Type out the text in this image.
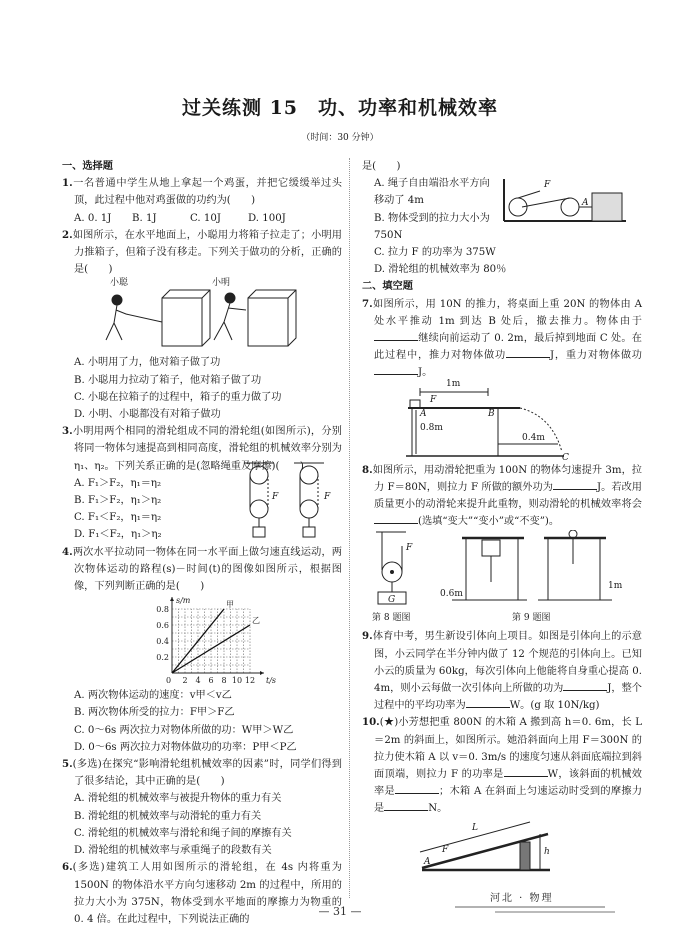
过关练测 15　功、功率和机械效率
（时间：30 分钟）
一、选择题
1.一名普通中学生从地上拿起一个鸡蛋，并把它缓缓举过头顶，此过程中他对鸡蛋做的功约为(　　)
A. 0. 1J	B. 1J	C. 10J	D. 100J
2.如图所示，在水平地面上，小聪用力将箱子拉走了；小明用力推箱子，但箱子没有移走。下列关于做功的分析，正确的是(　　)
小聪	小明
A. 小明用了力，他对箱子做了功
B. 小聪用力拉动了箱子，他对箱子做了功
C. 小聪在拉箱子的过程中，箱子的重力做了功
D. 小明、小聪都没有对箱子做功
3.小明用两个相同的滑轮组成不同的滑轮组(如图所示)，分别将同一物体匀速提高到相同高度，滑轮组的机械效率分别为 η₁、η₂。下列关系正确的是(忽略绳重及摩擦)(　　)
A. F₁＞F₂，η₁＝η₂
B. F₁＞F₂，η₁＞η₂
C. F₁＜F₂，η₁＝η₂
D. F₁＜F₂，η₁＞η₂
F	F
4.两次水平拉动同一物体在同一水平面上做匀速直线运动，两次物体运动的路程(s)－时间(t)的图像如图所示，根据图像，下列判断正确的是(　　)
2 4 6 8 10 12
0.2
0.4
0.6
0.8
0	t/s
s/m	甲
乙
A. 两次物体运动的速度：v甲＜v乙
B. 两次物体所受的拉力：F甲＞F乙
C. 0～6s 两次拉力对物体所做的功：W甲＞W乙
D. 0～6s 两次拉力对物体做功的功率：P甲＜P乙
5.(多选)在探究“影响滑轮组机械效率的因素”时，同学们得到了很多结论，其中正确的是(　　)
A. 滑轮组的机械效率与被提升物体的重力有关
B. 滑轮组的机械效率与动滑轮的重力有关
C. 滑轮组的机械效率与滑轮和绳子间的摩擦有关
D. 滑轮组的机械效率与承重绳子的段数有关
6.(多选)建筑工人用如图所示的滑轮组，在 4s 内将重为 1500N 的物体沿水平方向匀速移动 2m 的过程中，所用的拉力大小为 375N，物体受到水平地面的摩擦力为物重的 0. 4 倍。在此过程中，下列说法正确的
是(　　)
A. 绳子自由端沿水平方向移动了 4m
B. 物体受到的拉力大小为 750N
C. 拉力 F 的功率为 375W
D. 滑轮组的机械效率为 80％
F
A
二、填空题
7.如图所示，用 10N 的推力，将桌面上重 20N 的物体由 A 处水平推动 1m 到达 B 处后，撤去推力。物体由于继续向前运动了 0. 2m，最后掉到地面 C 处。在此过程中，推力对物体做功	J，重力对物体做功J。
1m
F
A	B
0.8m
0.4m
C
8.如图所示，用动滑轮把重为 100N 的物体匀速提升 3m，拉力 F＝80N，则拉力 F 所做的额外功为	J。若改用质量更小的动滑轮来提升此重物，则动滑轮的机械效率将会(选填“变大”“变小”或“不变”)。
F
G
0.6m
1m
第 8 题图	第 9 题图
9.体育中考，男生新设引体向上项目。如图是引体向上的示意图，小云同学在半分钟内做了 12 个规范的引体向上。已知小云的质量为 60kg，每次引体向上他能将自身重心提高 0. 4m，则小云每做一次引体向上所做的功为	J，整个过程中的平均功率为	W。(g 取 10N/kg)
10.(★)小芳想把重 800N 的木箱 A 搬到高 h＝0. 6m，长 L＝2m 的斜面上，如图所示。她沿斜面向上用 F＝300N 的拉力使木箱 A 以 v＝0. 3m/s 的速度匀速从斜面底端拉到斜面顶端，则拉力 F 的功率是	W，该斜面的机械效率是	；木箱 A 在斜面上匀速运动时受到的摩擦力是	N。
L
F
A
h
— 31 —
河北 · 物理
